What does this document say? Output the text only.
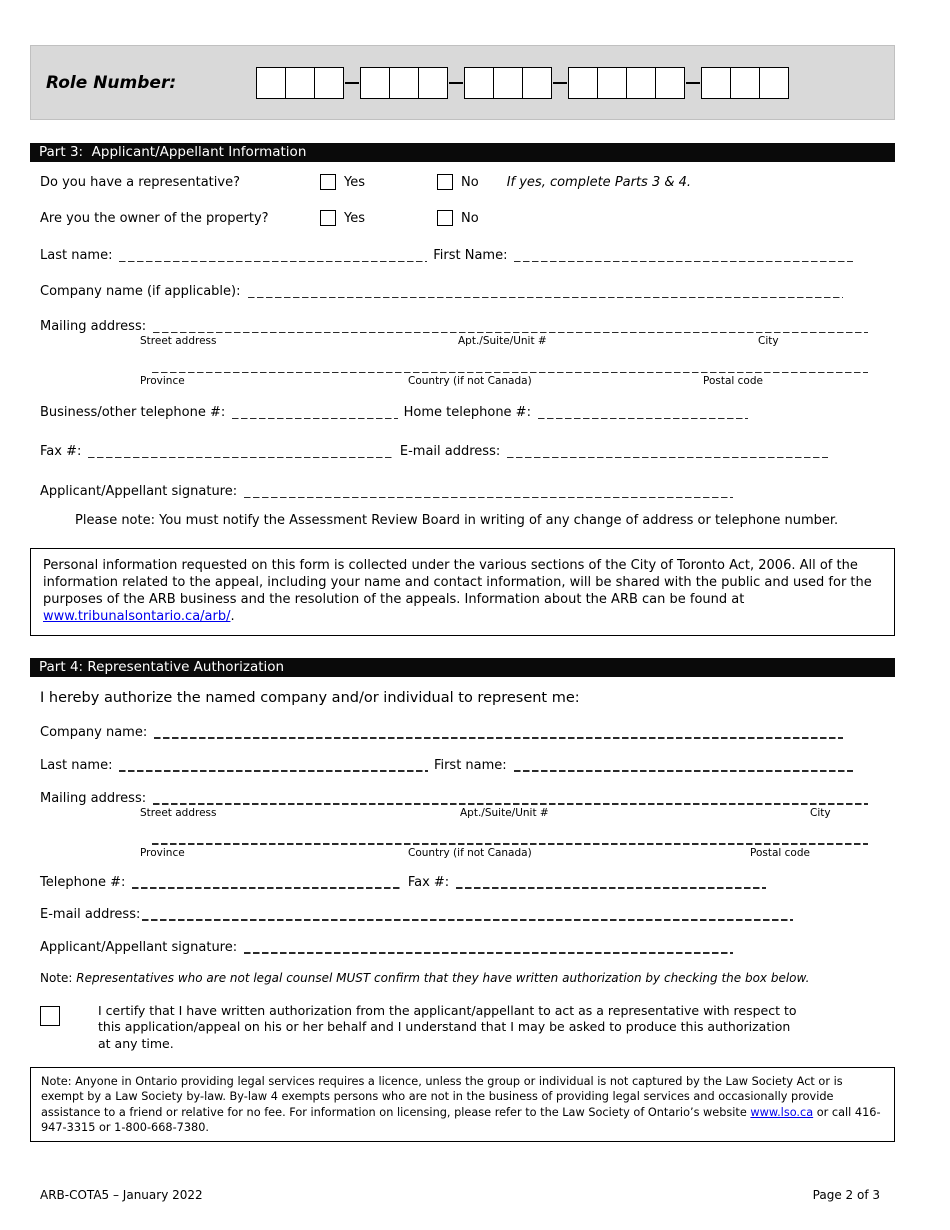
Role Number:
Part 3:  Applicant/Appellant Information
Do you have a representative?	Yes	No If yes, complete Parts 3 & 4.
Are you the owner of the property?	Yes	No
Last name:	First Name:
Company name (if applicable):
Mailing address:
Street address	Apt./Suite/Unit #	City
Province	Country (if not Canada)	Postal code
Business/other telephone #:	Home telephone #:
Fax #:	E-mail address:
Applicant/Appellant signature:
Please note: You must notify the Assessment Review Board in writing of any change of address or telephone number.
Personal information requested on this form is collected under the various sections of the City of Toronto Act, 2006. All of the information related to the appeal, including your name and contact information, will be shared with the public and used for the purposes of the ARB business and the resolution of the appeals. Information about the ARB can be found at www.tribunalsontario.ca/arb/.
Part 4: Representative Authorization
I hereby authorize the named company and/or individual to represent me:
Company name:
Last name:	First name:
Mailing address:
Street address	Apt./Suite/Unit #	City
Province	Country (if not Canada)	Postal code
Telephone #:	Fax #:
E-mail address:
Applicant/Appellant signature:
Note: Representatives who are not legal counsel MUST confirm that they have written authorization by checking the box below.
I certify that I have written authorization from the applicant/appellant to act as a representative with respect to this application/appeal on his or her behalf and I understand that I may be asked to produce this authorization at any time.
Note: Anyone in Ontario providing legal services requires a licence, unless the group or individual is not captured by the Law Society Act or is exempt by a Law Society by-law. By-law 4 exempts persons who are not in the business of providing legal services and occasionally provide assistance to a friend or relative for no fee. For information on licensing, please refer to the Law Society of Ontario’s website www.lso.ca or call 416-947-3315 or 1-800-668-7380.
ARB-COTA5 – January 2022	Page 2 of 3
